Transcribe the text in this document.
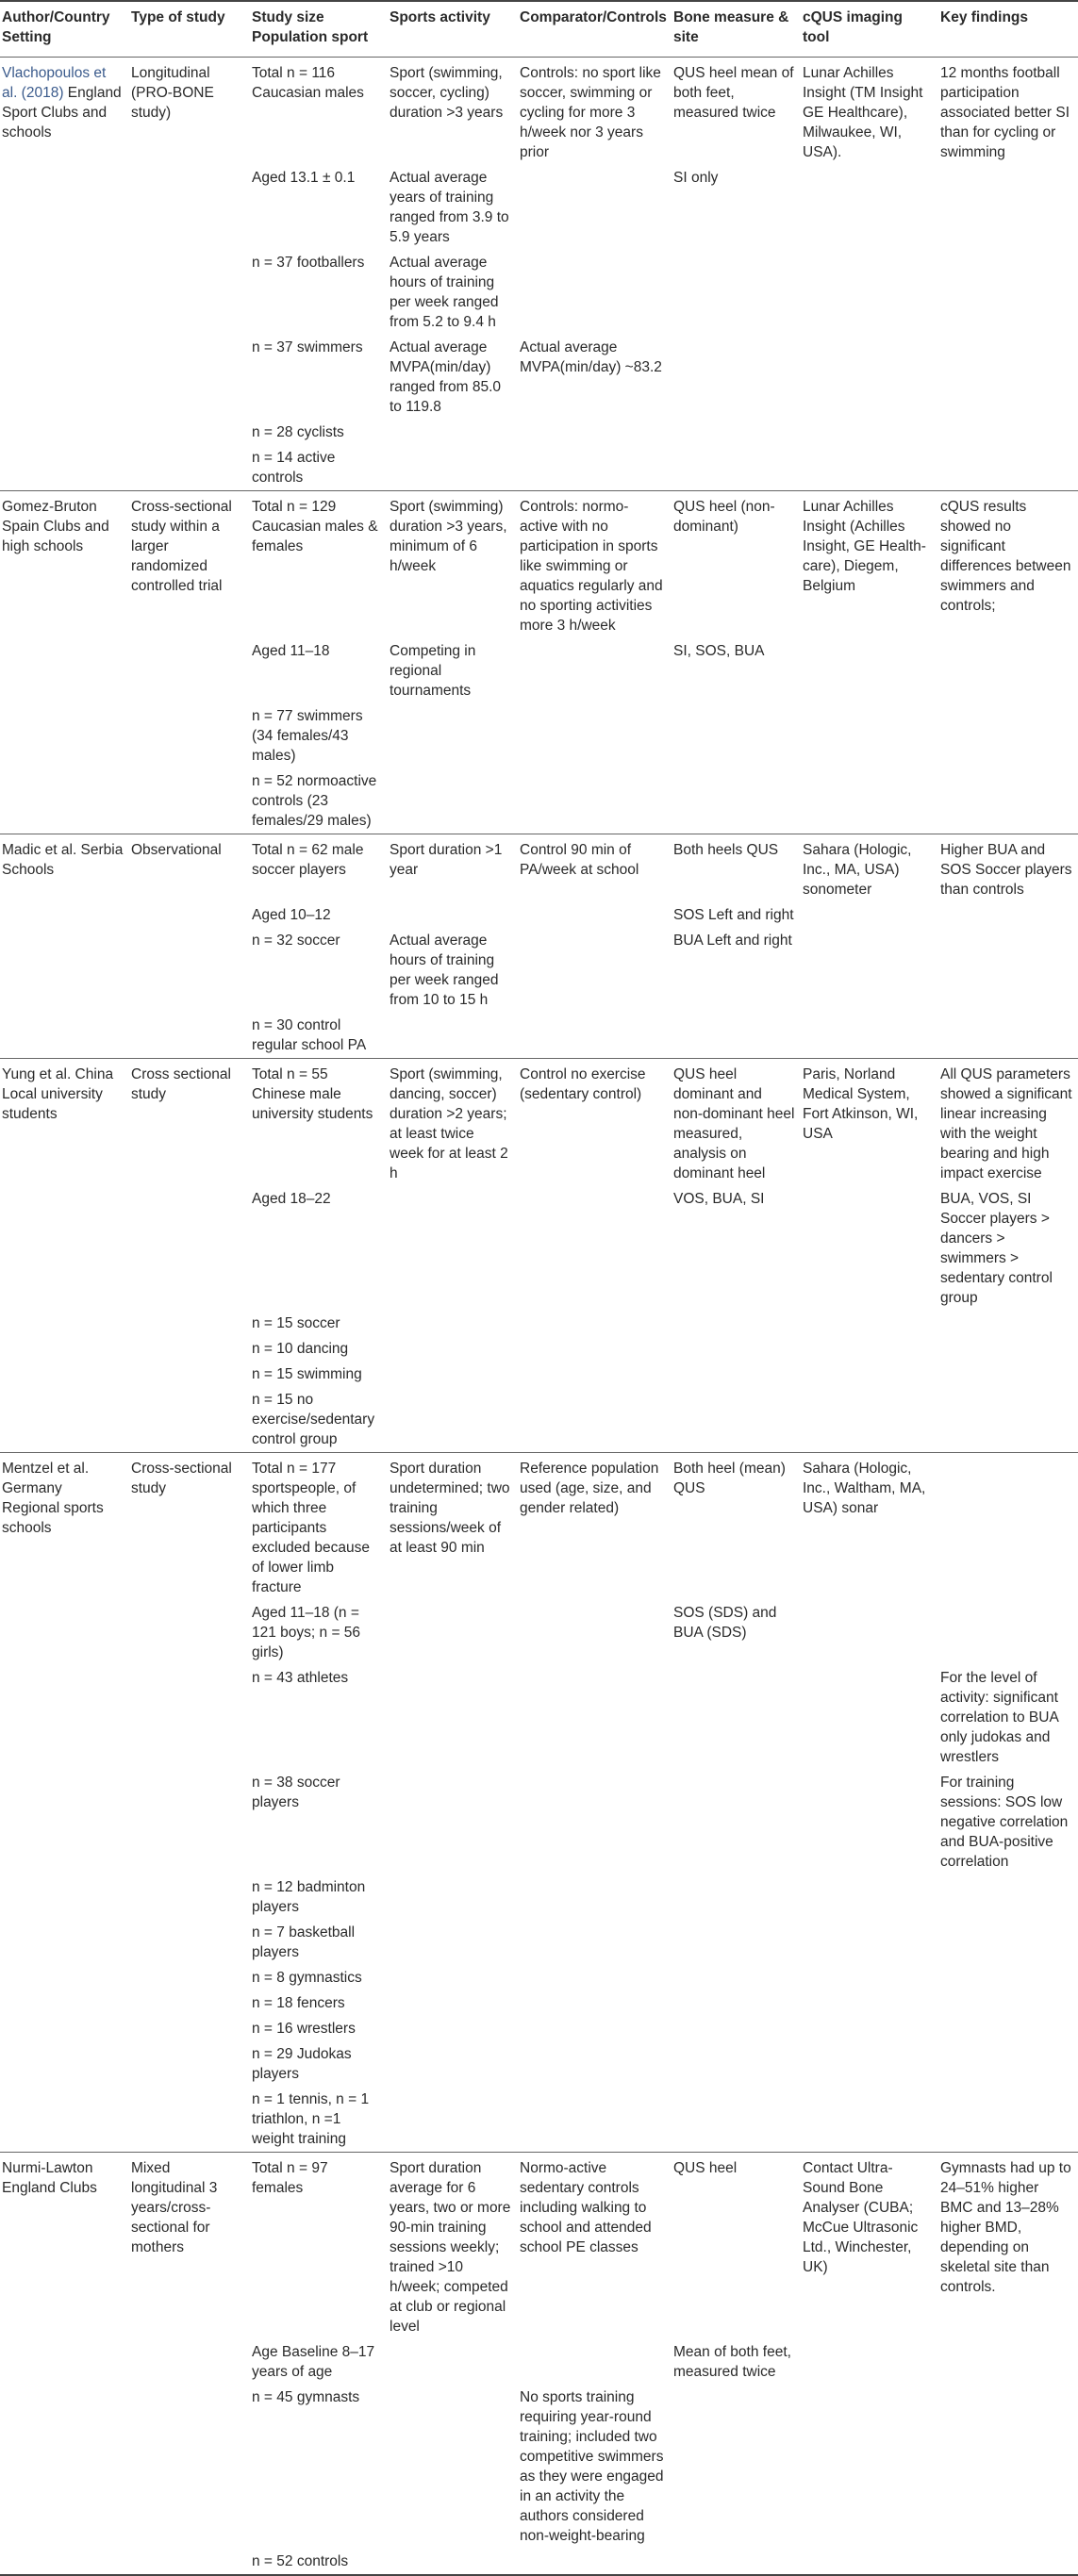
Author/Country Setting	Type of study	Study size Population sport	Sports activity	Comparator/Controls	Bone measure & site	cQUS imaging tool	Key findings
Vlachopoulos et al. (2018) England Sport Clubs and schools	Longitudinal (PRO-BONE study)	Total n = 116 Caucasian males	Sport (swimming, soccer, cycling) duration >3 years	Controls: no sport like soccer, swimming or cycling for more 3 h/week nor 3 years prior	QUS heel mean of both feet, measured twice	Lunar Achilles Insight (TM Insight GE Healthcare), Milwaukee, WI, USA).	12 months football participation associated better SI than for cycling or swimming
		Aged 13.1 ± 0.1	Actual average years of training ranged from 3.9 to 5.9 years		SI only		
		n = 37 footballers	Actual average hours of training per week ranged from 5.2 to 9.4 h				
		n = 37 swimmers	Actual average MVPA(min/day) ranged from 85.0 to 119.8	Actual average MVPA(min/day) ~83.2			
		n = 28 cyclists					
		n = 14 active controls					
Gomez-Bruton Spain Clubs and high schools	Cross-sectional study within a larger randomized controlled trial	Total n = 129 Caucasian males & females	Sport (swimming) duration >3 years, minimum of 6 h/week	Controls: normo-active with no participation in sports like swimming or aquatics regularly and no sporting activities more 3 h/week	QUS heel (non-dominant)	Lunar Achilles Insight (Achilles Insight, GE Health-care), Diegem, Belgium	cQUS results showed no significant differences between swimmers and controls;
		Aged 11–18	Competing in regional tournaments		SI, SOS, BUA		
		n = 77 swimmers (34 females/43 males)					
		n = 52 normoactive controls (23 females/29 males)					
Madic et al. Serbia Schools	Observational	Total n = 62 male soccer players	Sport duration >1 year	Control 90 min of PA/week at school	Both heels QUS	Sahara (Hologic, Inc., MA, USA) sonometer	Higher BUA and SOS Soccer players than controls
		Aged 10–12			SOS Left and right		
		n = 32 soccer	Actual average hours of training per week ranged from 10 to 15 h		BUA Left and right		
		n = 30 control regular school PA					
Yung et al. China Local university students	Cross sectional study	Total n = 55 Chinese male university students	Sport (swimming, dancing, soccer) duration >2 years; at least twice week for at least 2 h	Control no exercise (sedentary control)	QUS heel dominant and non-dominant heel measured, analysis on dominant heel	Paris, Norland Medical System, Fort Atkinson, WI, USA	All QUS parameters showed a significant linear increasing with the weight bearing and high impact exercise
		Aged 18–22			VOS, BUA, SI		BUA, VOS, SI Soccer players > dancers > swimmers > sedentary control group
		n = 15 soccer					
		n = 10 dancing					
		n = 15 swimming					
		n = 15 no exercise/sedentary control group					
Mentzel et al. Germany Regional sports schools	Cross-sectional study	Total n = 177 sportspeople, of which three participants excluded because of lower limb fracture	Sport duration undetermined; two training sessions/week of at least 90 min	Reference population used (age, size, and gender related)	Both heel (mean) QUS	Sahara (Hologic, Inc., Waltham, MA, USA) sonar	
		Aged 11–18 (n = 121 boys; n = 56 girls)			SOS (SDS) and BUA (SDS)		
		n = 43 athletes					For the level of activity: significant correlation to BUA only judokas and wrestlers
		n = 38 soccer players					For training sessions: SOS low negative correlation and BUA-positive correlation
		n = 12 badminton players					
		n = 7 basketball players					
		n = 8 gymnastics					
		n = 18 fencers					
		n = 16 wrestlers					
		n = 29 Judokas players					
		n = 1 tennis, n = 1 triathlon, n =1 weight training					
Nurmi-Lawton England Clubs	Mixed longitudinal 3 years/cross-sectional for mothers	Total n = 97 females	Sport duration average for 6 years, two or more 90-min training sessions weekly; trained >10 h/week; competed at club or regional level	Normo-active sedentary controls including walking to school and attended school PE classes	QUS heel	Contact Ultra-Sound Bone Analyser (CUBA; McCue Ultrasonic Ltd., Winchester, UK)	Gymnasts had up to 24–51% higher BMC and 13–28% higher BMD, depending on skeletal site than controls.
		Age Baseline 8–17 years of age			Mean of both feet, measured twice		
		n = 45 gymnasts		No sports training requiring year-round training; included two competitive swimmers as they were engaged in an activity the authors considered non-weight-bearing			
		n = 52 controls					
